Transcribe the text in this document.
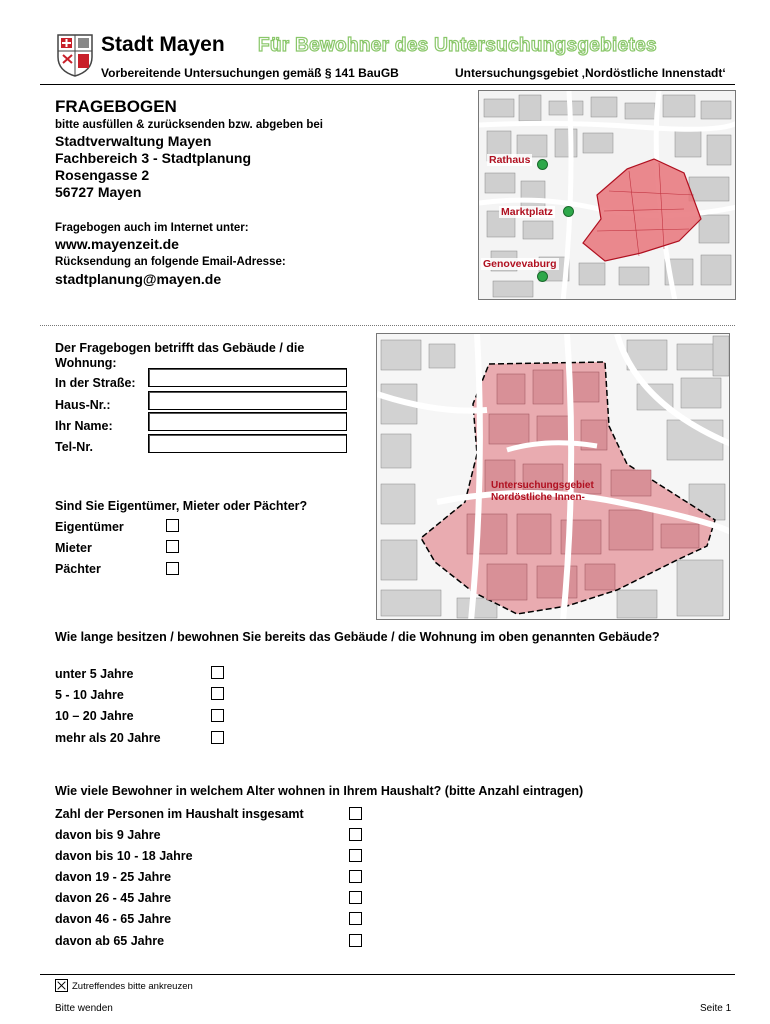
Stadt Mayen Für Bewohner des Untersuchungsgebietes
Vorbereitende Untersuchungen gemäß § 141 BauGB	Untersuchungsgebiet ‚Nordöstliche Innenstadt‘
FRAGEBOGEN
bitte ausfüllen & zurücksenden bzw. abgeben bei
Stadtverwaltung Mayen
Fachbereich 3 - Stadtplanung
Rosengasse 2
56727 Mayen
Fragebogen auch im Internet unter:
www.mayenzeit.de
Rücksendung an folgende Email-Adresse:
stadtplanung@mayen.de
Rathaus
Marktplatz
Genovevaburg
Untersuchungsgebiet
Nordöstliche Innen-
Der Fragebogen betrifft das Gebäude / die Wohnung:
In der Straße:
Haus-Nr.:
Ihr Name:
Tel-Nr.
Sind Sie Eigentümer, Mieter oder Pächter?
Eigentümer
Mieter
Pächter
Wie lange besitzen / bewohnen Sie bereits das Gebäude / die Wohnung im oben genannten Gebäude?
unter 5 Jahre
5 - 10 Jahre
10 – 20 Jahre
mehr als 20 Jahre
Wie viele Bewohner in welchem Alter wohnen in Ihrem Haushalt? (bitte Anzahl eintragen)
Zahl der Personen im Haushalt insgesamt
davon bis 9 Jahre
davon bis 10 - 18 Jahre
davon 19 - 25 Jahre
davon 26 - 45 Jahre
davon 46 - 65 Jahre
davon ab 65 Jahre
Zutreffendes bitte ankreuzen
Bitte wenden	Seite 1
